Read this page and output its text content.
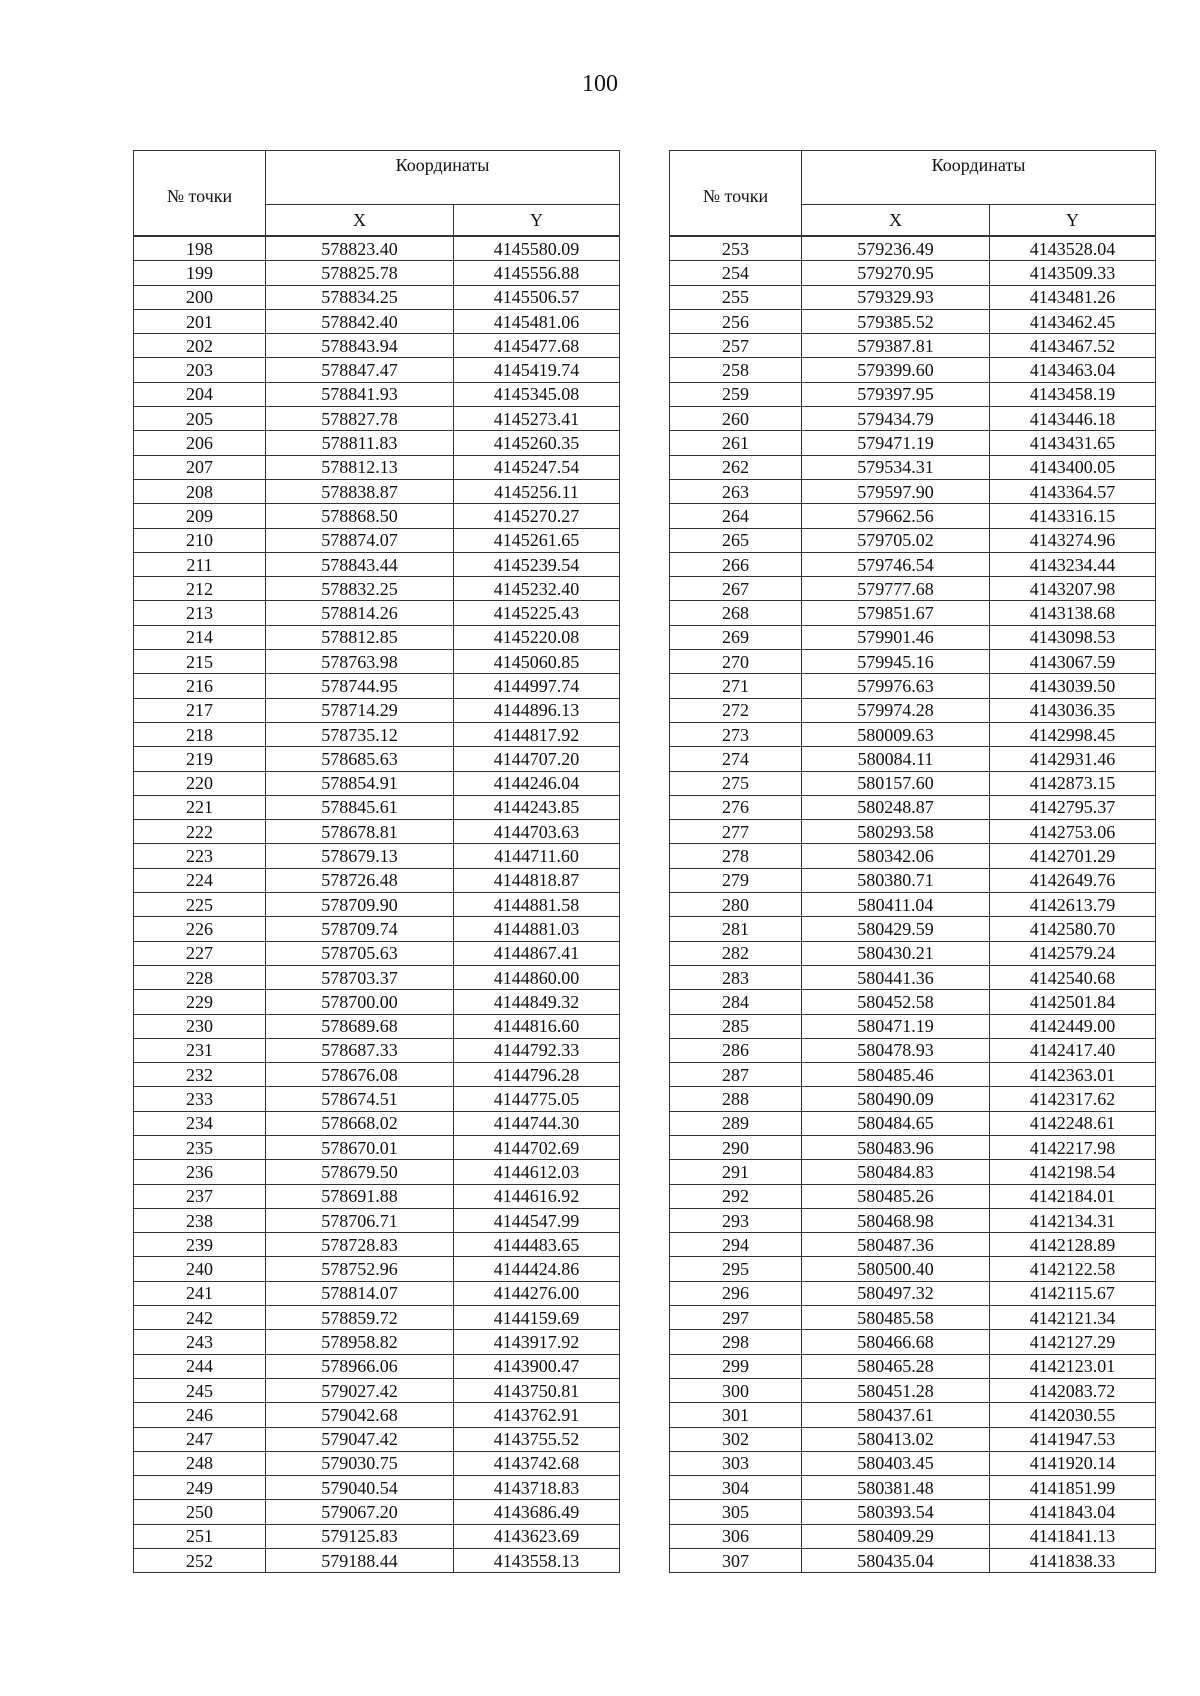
100
№ точки	Координаты	
	X	Y
198	578823.40	4145580.09
199	578825.78	4145556.88
200	578834.25	4145506.57
201	578842.40	4145481.06
202	578843.94	4145477.68
203	578847.47	4145419.74
204	578841.93	4145345.08
205	578827.78	4145273.41
206	578811.83	4145260.35
207	578812.13	4145247.54
208	578838.87	4145256.11
209	578868.50	4145270.27
210	578874.07	4145261.65
211	578843.44	4145239.54
212	578832.25	4145232.40
213	578814.26	4145225.43
214	578812.85	4145220.08
215	578763.98	4145060.85
216	578744.95	4144997.74
217	578714.29	4144896.13
218	578735.12	4144817.92
219	578685.63	4144707.20
220	578854.91	4144246.04
221	578845.61	4144243.85
222	578678.81	4144703.63
223	578679.13	4144711.60
224	578726.48	4144818.87
225	578709.90	4144881.58
226	578709.74	4144881.03
227	578705.63	4144867.41
228	578703.37	4144860.00
229	578700.00	4144849.32
230	578689.68	4144816.60
231	578687.33	4144792.33
232	578676.08	4144796.28
233	578674.51	4144775.05
234	578668.02	4144744.30
235	578670.01	4144702.69
236	578679.50	4144612.03
237	578691.88	4144616.92
238	578706.71	4144547.99
239	578728.83	4144483.65
240	578752.96	4144424.86
241	578814.07	4144276.00
242	578859.72	4144159.69
243	578958.82	4143917.92
244	578966.06	4143900.47
245	579027.42	4143750.81
246	579042.68	4143762.91
247	579047.42	4143755.52
248	579030.75	4143742.68
249	579040.54	4143718.83
250	579067.20	4143686.49
251	579125.83	4143623.69
252	579188.44	4143558.13
№ точки	Координаты	
	X	Y
253	579236.49	4143528.04
254	579270.95	4143509.33
255	579329.93	4143481.26
256	579385.52	4143462.45
257	579387.81	4143467.52
258	579399.60	4143463.04
259	579397.95	4143458.19
260	579434.79	4143446.18
261	579471.19	4143431.65
262	579534.31	4143400.05
263	579597.90	4143364.57
264	579662.56	4143316.15
265	579705.02	4143274.96
266	579746.54	4143234.44
267	579777.68	4143207.98
268	579851.67	4143138.68
269	579901.46	4143098.53
270	579945.16	4143067.59
271	579976.63	4143039.50
272	579974.28	4143036.35
273	580009.63	4142998.45
274	580084.11	4142931.46
275	580157.60	4142873.15
276	580248.87	4142795.37
277	580293.58	4142753.06
278	580342.06	4142701.29
279	580380.71	4142649.76
280	580411.04	4142613.79
281	580429.59	4142580.70
282	580430.21	4142579.24
283	580441.36	4142540.68
284	580452.58	4142501.84
285	580471.19	4142449.00
286	580478.93	4142417.40
287	580485.46	4142363.01
288	580490.09	4142317.62
289	580484.65	4142248.61
290	580483.96	4142217.98
291	580484.83	4142198.54
292	580485.26	4142184.01
293	580468.98	4142134.31
294	580487.36	4142128.89
295	580500.40	4142122.58
296	580497.32	4142115.67
297	580485.58	4142121.34
298	580466.68	4142127.29
299	580465.28	4142123.01
300	580451.28	4142083.72
301	580437.61	4142030.55
302	580413.02	4141947.53
303	580403.45	4141920.14
304	580381.48	4141851.99
305	580393.54	4141843.04
306	580409.29	4141841.13
307	580435.04	4141838.33
